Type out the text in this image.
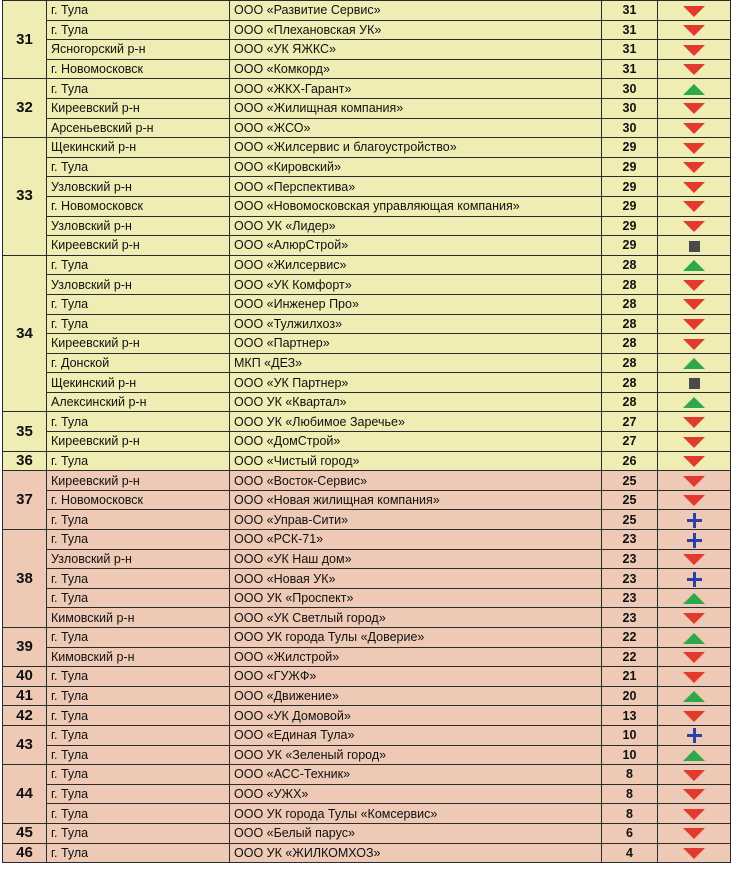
31	г. Тула	ООО «Развитие Сервис»	31	
	г. Тула	ООО «Плехановская УК»	31	
	Ясногорский р-н	ООО «УК ЯЖКС»	31	
	г. Новомосковск	ООО «Комкорд»	31	
32	г. Тула	ООО «ЖКХ-Гарант»	30	
	Киреевский р-н	ООО «Жилищная компания»	30	
	Арсеньевский р-н	ООО «ЖСО»	30	
33	Щекинский р-н	ООО «Жилсервис и благоустройство»	29	
	г. Тула	ООО «Кировский»	29	
	Узловский р-н	ООО «Перспектива»	29	
	г. Новомосковск	ООО «Новомосковская управляющая компания»	29	
	Узловский р-н	ООО УК «Лидер»	29	
	Киреевский р-н	ООО «АлюрСтрой»	29	
34	г. Тула	ООО «Жилсервис»	28	
	Узловский р-н	ООО «УК Комфорт»	28	
	г. Тула	ООО «Инженер Про»	28	
	г. Тула	ООО «Тулжилхоз»	28	
	Киреевский р-н	ООО «Партнер»	28	
	г. Донской	МКП «ДЕЗ»	28	
	Щекинский р-н	ООО «УК Партнер»	28	
	Алексинский р-н	ООО УК «Квартал»	28	
35	г. Тула	ООО УК «Любимое Заречье»	27	
	Киреевский р-н	ООО «ДомСтрой»	27	
36	г. Тула	ООО «Чистый город»	26	
37	Киреевский р-н	ООО «Восток-Сервис»	25	
	г. Новомосковск	ООО «Новая жилищная компания»	25	
	г. Тула	ООО «Управ-Сити»	25	
38	г. Тула	ООО «РСК-71»	23	
	Узловский р-н	ООО «УК Наш дом»	23	
	г. Тула	ООО «Новая УК»	23	
	г. Тула	ООО УК «Проспект»	23	
	Кимовский р-н	ООО «УК Светлый город»	23	
39	г. Тула	ООО УК города Тулы «Доверие»	22	
	Кимовский р-н	ООО «Жилстрой»	22	
40	г. Тула	ООО «ГУЖФ»	21	
41	г. Тула	ООО «Движение»	20	
42	г. Тула	ООО «УК Домовой»	13	
43	г. Тула	ООО «Единая Тула»	10	
	г. Тула	ООО УК «Зеленый город»	10	
44	г. Тула	ООО «АСС-Техник»	8	
	г. Тула	ООО «УЖХ»	8	
	г. Тула	ООО УК города Тулы «Комсервис»	8	
45	г. Тула	ООО «Белый парус»	6	
46	г. Тула	ООО УК «ЖИЛКОМХОЗ»	4	
